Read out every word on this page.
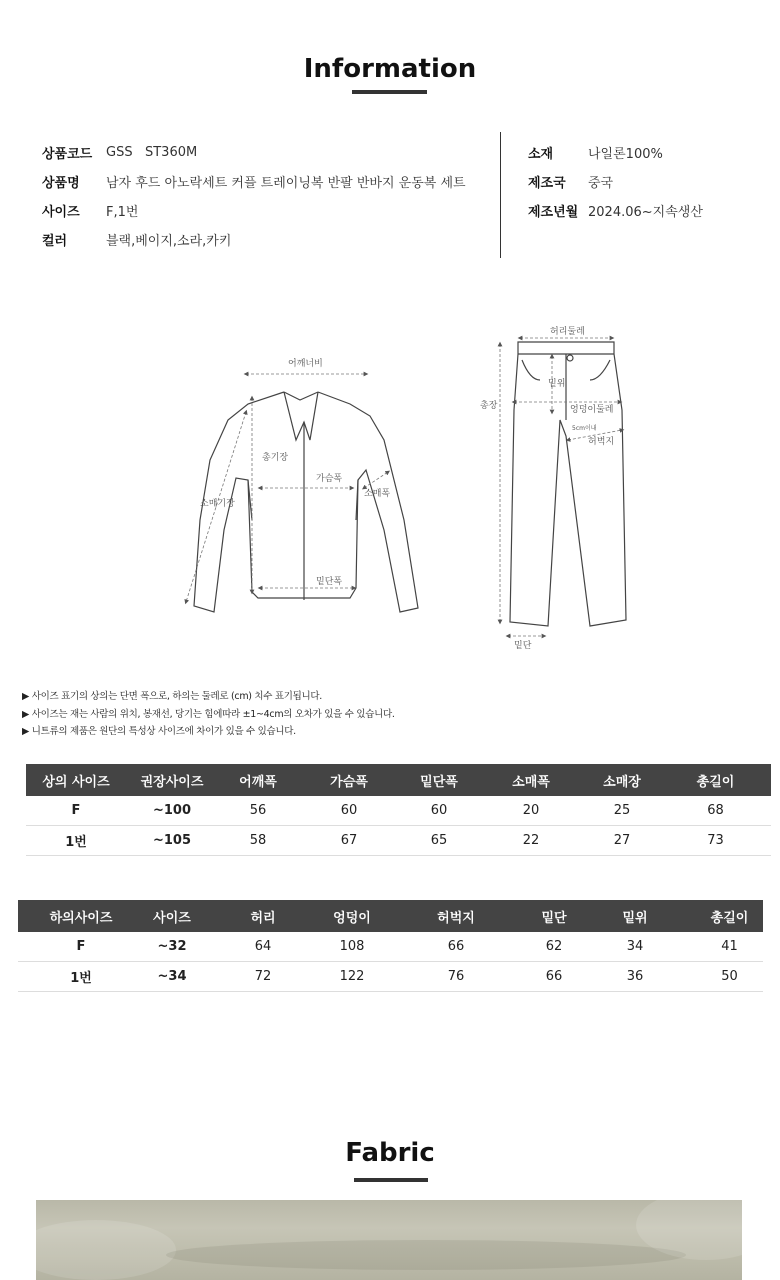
Information
상품코드	GSS   ST360M
상품명	남자 후드 아노락세트 커플 트레이닝복 반팔 반바지 운동복 세트
사이즈	F,1번
컬러	블랙,베이지,소라,카키
소재	나일론100%
제조국	중국
제조년월 2024.06~지속생산
어깨너비
총기장
가슴폭
소매폭
소매기장
밑단폭
허리둘레
밑위
총장	엉덩이둘레
5cm이내
허벅지
밑단
▶ 사이즈 표기의 상의는 단면 폭으로, 하의는 둘레로 (cm) 치수 표기됩니다.
▶ 사이즈는 재는 사람의 위치, 봉재선, 당기는 힘에따라 ±1~4cm의 오차가 있을 수 있습니다.
▶ 니트류의 제품은 원단의 특성상 사이즈에 차이가 있을 수 있습니다.
상의 사이즈	권장사이즈	어깨폭	가슴폭	밑단폭	소매폭	소매장	총길이
F	~100	56	60	60	20	25	68
1번	~105	58	67	65	22	27	73
하의사이즈	사이즈	허리	엉덩이	허벅지	밑단	밑위	총길이
F	~32	64	108	66	62	34	41
1번	~34	72	122	76	66	36	50
Fabric
